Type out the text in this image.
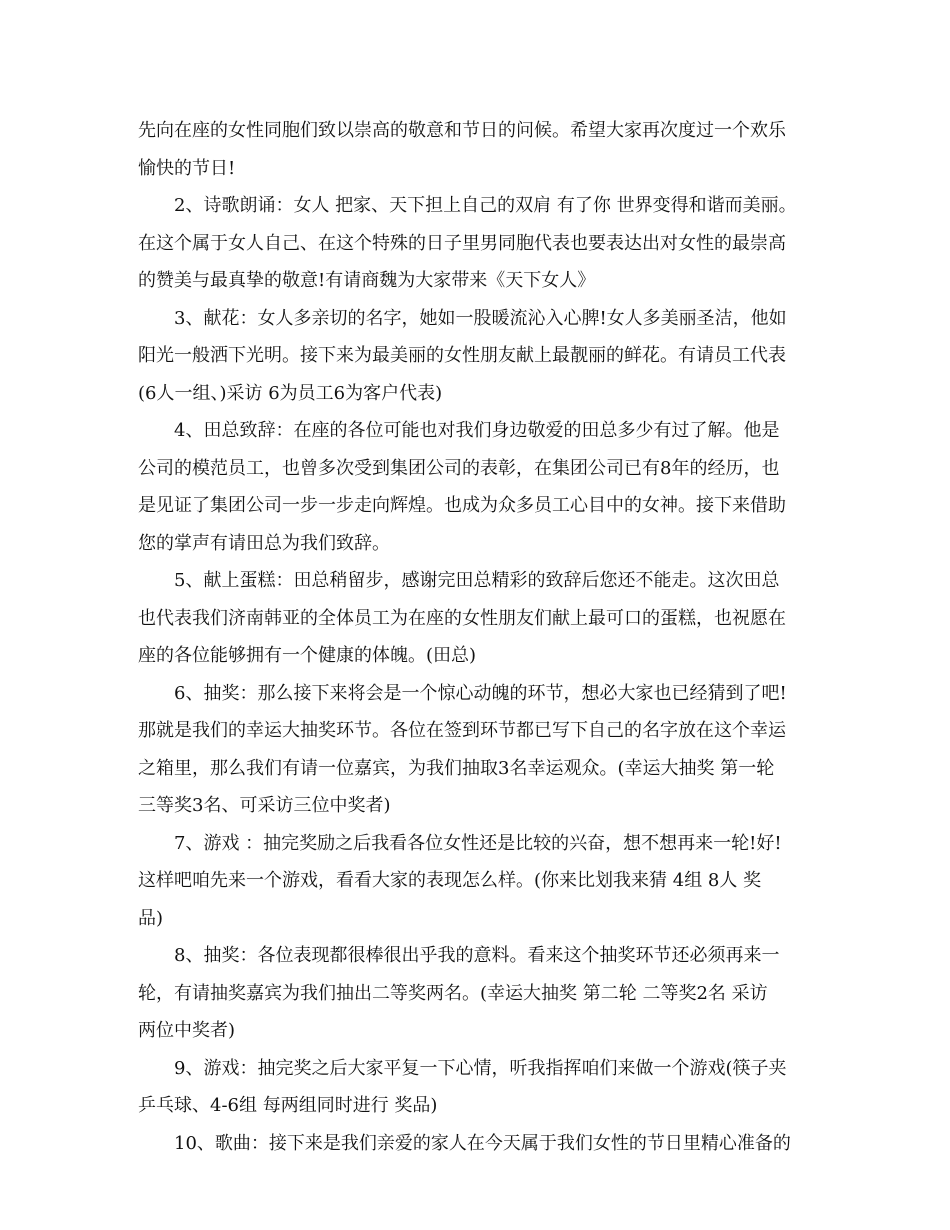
先向在座的女性同胞们致以崇高的敬意和节日的问候。希望大家再次度过一个欢乐
愉快的节日!
2、诗歌朗诵：女人 把家、天下担上自己的双肩 有了你 世界变得和谐而美丽。
在这个属于女人自己、在这个特殊的日子里男同胞代表也要表达出对女性的最崇高
的赞美与最真挚的敬意!有请商魏为大家带来《天下女人》
3、献花：女人多亲切的名字，她如一股暖流沁入心脾!女人多美丽圣洁，他如
阳光一般洒下光明。接下来为最美丽的女性朋友献上最靓丽的鲜花。有请员工代表
(6人一组、)采访 6为员工6为客户代表)
4、田总致辞：在座的各位可能也对我们身边敬爱的田总多少有过了解。他是
公司的模范员工，也曾多次受到集团公司的表彰，在集团公司已有8年的经历，也
是见证了集团公司一步一步走向辉煌。也成为众多员工心目中的女神。接下来借助
您的掌声有请田总为我们致辞。
5、献上蛋糕：田总稍留步，感谢完田总精彩的致辞后您还不能走。这次田总
也代表我们济南韩亚的全体员工为在座的女性朋友们献上最可口的蛋糕，也祝愿在
座的各位能够拥有一个健康的体魄。(田总)
6、抽奖：那么接下来将会是一个惊心动魄的环节，想必大家也已经猜到了吧!
那就是我们的幸运大抽奖环节。各位在签到环节都已写下自己的名字放在这个幸运
之箱里，那么我们有请一位嘉宾，为我们抽取3名幸运观众。(幸运大抽奖 第一轮
三等奖3名、可采访三位中奖者)
7、游戏 ：抽完奖励之后我看各位女性还是比较的兴奋，想不想再来一轮!好!
这样吧咱先来一个游戏，看看大家的表现怎么样。(你来比划我来猜 4组 8人 奖
品)
8、抽奖：各位表现都很棒很出乎我的意料。看来这个抽奖环节还必须再来一
轮，有请抽奖嘉宾为我们抽出二等奖两名。(幸运大抽奖 第二轮 二等奖2名 采访
两位中奖者)
9、游戏：抽完奖之后大家平复一下心情，听我指挥咱们来做一个游戏(筷子夹
乒乓球、4-6组 每两组同时进行 奖品)
10、歌曲：接下来是我们亲爱的家人在今天属于我们女性的节日里精心准备的
